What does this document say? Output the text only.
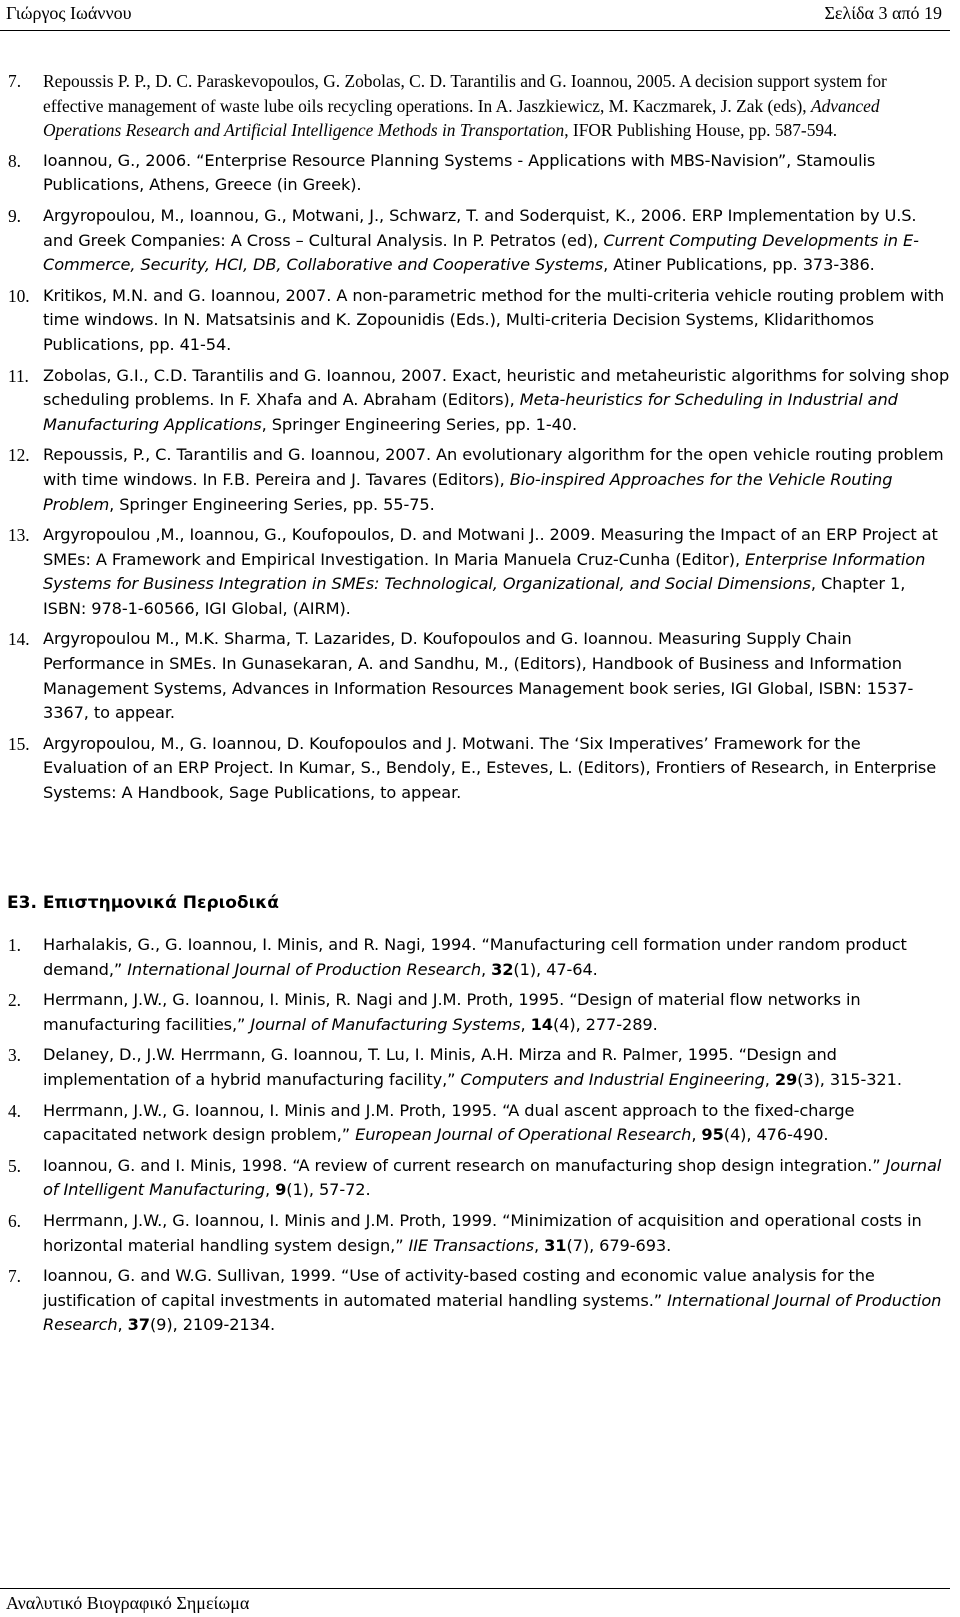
Γιώργος Ιωάννου	Σελίδα 3 από 19
7. Repoussis P. P., D. C. Paraskevopoulos, G. Zobolas, C. D. Tarantilis and G. Ioannou, 2005. A decision support system for effective management of waste lube oils recycling operations. In A. Jaszkiewicz, M. Kaczmarek, J. Zak (eds), Advanced Operations Research and Artificial Intelligence Methods in Transportation, IFOR Publishing House, pp. 587-594.
8. Ioannou, G., 2006. “Enterprise Resource Planning Systems - Applications with MBS-Navision”, Stamoulis Publications, Athens, Greece (in Greek).
9. Argyropoulou, M., Ioannou, G., Motwani, J., Schwarz, T. and Soderquist, K., 2006. ERP Implementation by U.S. and Greek Companies: A Cross – Cultural Analysis. In P. Petratos (ed), Current Computing Developments in E-Commerce, Security, HCI, DB, Collaborative and Cooperative Systems, Atiner Publications, pp. 373-386.
10. Kritikos, M.N. and G. Ioannou, 2007. A non-parametric method for the multi-criteria vehicle routing problem with time windows. In N. Matsatsinis and K. Zopounidis (Eds.), Multi-criteria Decision Systems, Klidarithomos Publications, pp. 41-54.
11. Zobolas, G.I., C.D. Tarantilis and G. Ioannou, 2007. Exact, heuristic and metaheuristic algorithms for solving shop scheduling problems. In F. Xhafa and A. Abraham (Editors), Meta-heuristics for Scheduling in Industrial and Manufacturing Applications, Springer Engineering Series, pp. 1-40.
12. Repoussis, P., C. Tarantilis and G. Ioannou, 2007. An evolutionary algorithm for the open vehicle routing problem with time windows. In F.B. Pereira and J. Tavares (Editors), Bio-inspired Approaches for the Vehicle Routing Problem, Springer Engineering Series, pp. 55-75.
13. Argyropoulou ,M., Ioannou, G., Koufopoulos, D. and Motwani J.. 2009. Measuring the Impact of an ERP Project at SMEs: A Framework and Empirical Investigation. In Maria Manuela Cruz-Cunha (Editor), Enterprise Information Systems for Business Integration in SMEs: Technological, Organizational, and Social Dimensions, Chapter 1, ISBN: 978-1-60566, IGI Global, (AIRM).
14. Argyropoulou M., M.K. Sharma, T. Lazarides, D. Koufopoulos and G. Ioannou. Measuring Supply Chain Performance in SMEs. In Gunasekaran, A. and Sandhu, M., (Editors), Handbook of Business and Information Management Systems, Advances in Information Resources Management book series, IGI Global, ISBN: 1537-3367, to appear.
15. Argyropoulou, M., G. Ioannou, D. Koufopoulos and J. Motwani. The ‘Six Imperatives’ Framework for the Evaluation of an ERP Project. In Kumar, S., Bendoly, E., Esteves, L. (Editors), Frontiers of Research, in Enterprise Systems: A Handbook, Sage Publications, to appear.
Ε3. Επιστημονικά Περιοδικά
1. Harhalakis, G., G. Ioannou, I. Minis, and R. Nagi, 1994. “Manufacturing cell formation under random product demand,” International Journal of Production Research, 32(1), 47-64.
2. Herrmann, J.W., G. Ioannou, I. Minis, R. Nagi and J.M. Proth, 1995. “Design of material flow networks in manufacturing facilities,” Journal of Manufacturing Systems, 14(4), 277-289.
3. Delaney, D., J.W. Herrmann, G. Ioannou, T. Lu, I. Minis, A.H. Mirza and R. Palmer, 1995. “Design and implementation of a hybrid manufacturing facility,” Computers and Industrial Engineering, 29(3), 315-321.
4. Herrmann, J.W., G. Ioannou, I. Minis and J.M. Proth, 1995. “A dual ascent approach to the fixed-charge capacitated network design problem,” European Journal of Operational Research, 95(4), 476-490.
5. Ioannou, G. and I. Minis, 1998. “A review of current research on manufacturing shop design integration.” Journal of Intelligent Manufacturing, 9(1), 57-72.
6. Herrmann, J.W., G. Ioannou, I. Minis and J.M. Proth, 1999. “Minimization of acquisition and operational costs in horizontal material handling system design,” IIE Transactions, 31(7), 679-693.
7. Ioannou, G. and W.G. Sullivan, 1999. “Use of activity-based costing and economic value analysis for the justification of capital investments in automated material handling systems.” International Journal of Production Research, 37(9), 2109-2134.
Αναλυτικό Βιογραφικό Σημείωμα
